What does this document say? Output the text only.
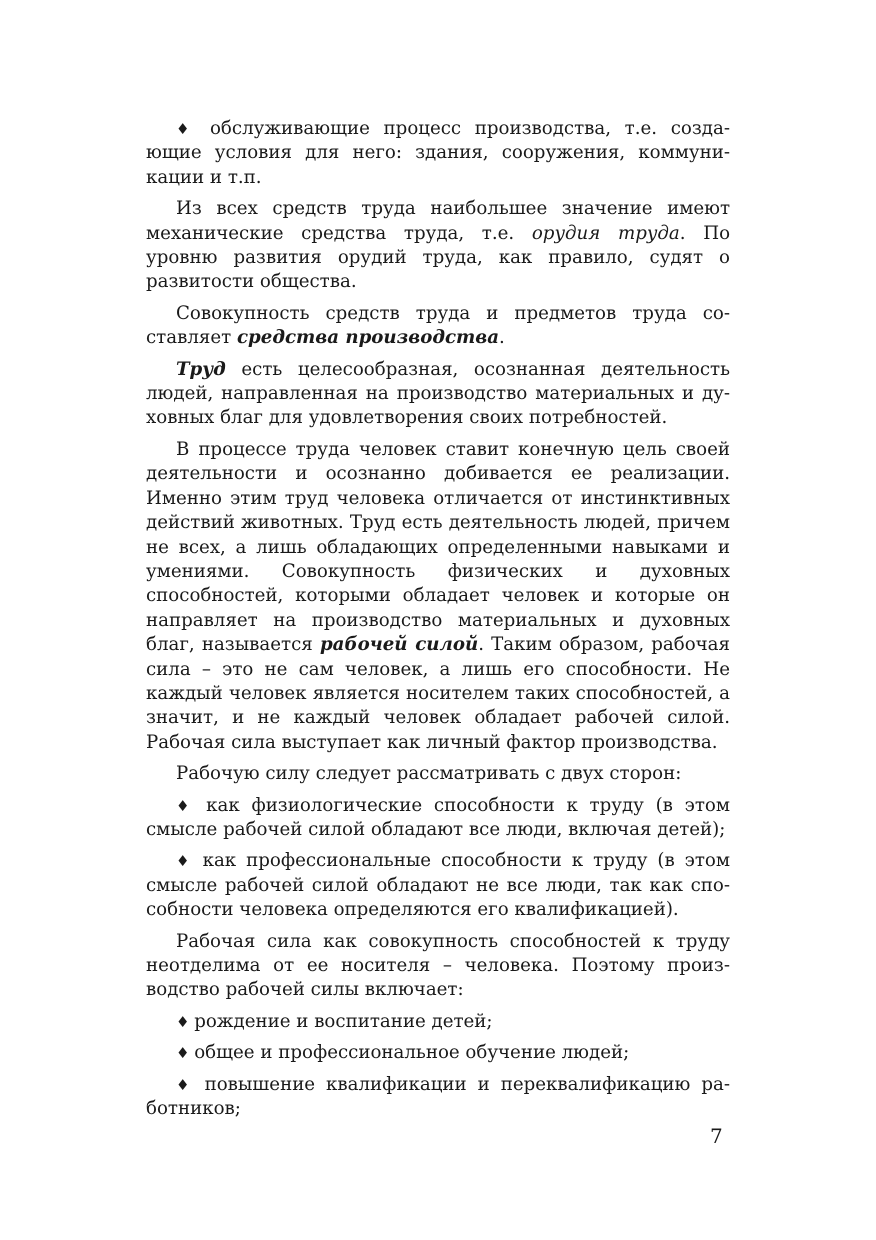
♦ обслуживающие процесс производства, т.е. создающие условия для него: здания, сооружения, коммуникации и т.п.

Из всех средств труда наибольшее значение имеют механические средства труда, т.е. орудия труда. По уровню развития орудий труда, как правило, судят о развитости общества.

Совокупность средств труда и предметов труда составляет средства производства.

Труд есть целесообразная, осознанная деятельность людей, направленная на производство материальных и духовных благ для удовлетворения своих потребностей.

В процессе труда человек ставит конечную цель своей деятельности и осознанно добивается ее реализации. Именно этим труд человека отличается от инстинктивных действий животных. Труд есть деятельность людей, причем не всех, а лишь обладающих определенными навыками и умениями. Совокупность физических и духовных способностей, которыми обладает человек и которые он направляет на производство материальных и духовных благ, называется рабочей силой. Таким образом, рабочая сила – это не сам человек, а лишь его способности. Не каждый человек является носителем таких способностей, а значит, и не каждый человек обладает рабочей силой. Рабочая сила выступает как личный фактор производства.

Рабочую силу следует рассматривать с двух сторон:

♦ как физиологические способности к труду (в этом смысле рабочей силой обладают все люди, включая детей);

♦ как профессиональные способности к труду (в этом смысле рабочей силой обладают не все люди, так как способности человека определяются его квалификацией).

Рабочая сила как совокупность способностей к труду неотделима от ее носителя – человека. Поэтому производство рабочей силы включает:

♦ рождение и воспитание детей;

♦ общее и профессиональное обучение людей;

♦ повышение квалификации и переквалификацию работников;

7
